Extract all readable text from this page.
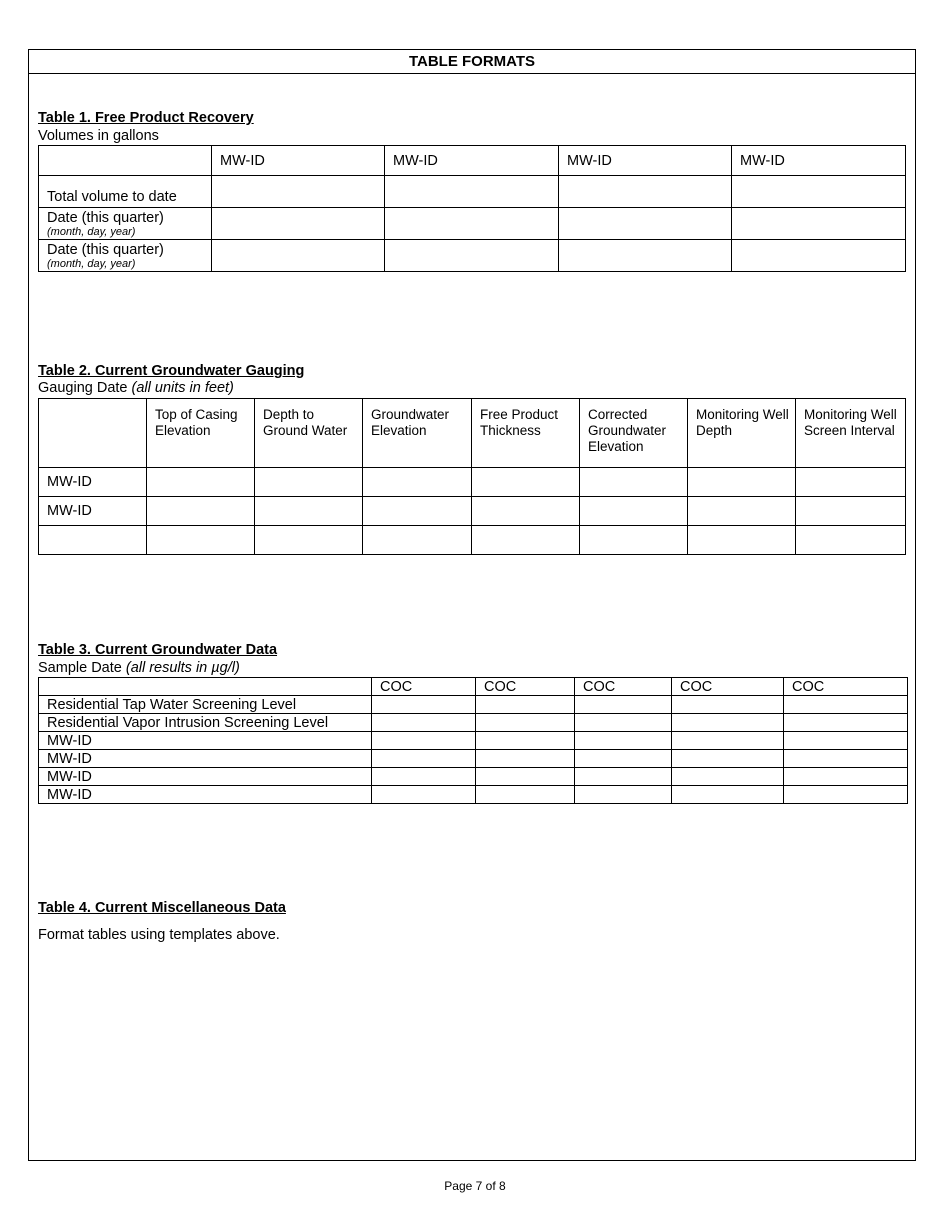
TABLE FORMATS
Table 1. Free Product Recovery
Volumes in gallons
	MW-ID	MW-ID	MW-ID	MW-ID
Total volume to date				

Date (this quarter)
(month, day, year)				

Date (this quarter)
(month, day, year)				

Table 2. Current Groundwater Gauging
Gauging Date (all units in feet)
	Top of Casing Elevation	Depth to Ground Water	Groundwater Elevation	Free Product Thickness	Corrected Groundwater Elevation	Monitoring Well Depth	Monitoring Well Screen Interval
MW-ID							
MW-ID							

Table 3. Current Groundwater Data
Sample Date (all results in µg/l)
	COC	COC	COC	COC	COC
Residential Tap Water Screening Level					
Residential Vapor Intrusion Screening Level					
MW-ID					
MW-ID					
MW-ID					
MW-ID					
Table 4. Current Miscellaneous Data
Format tables using templates above.
Page 7 of 8
